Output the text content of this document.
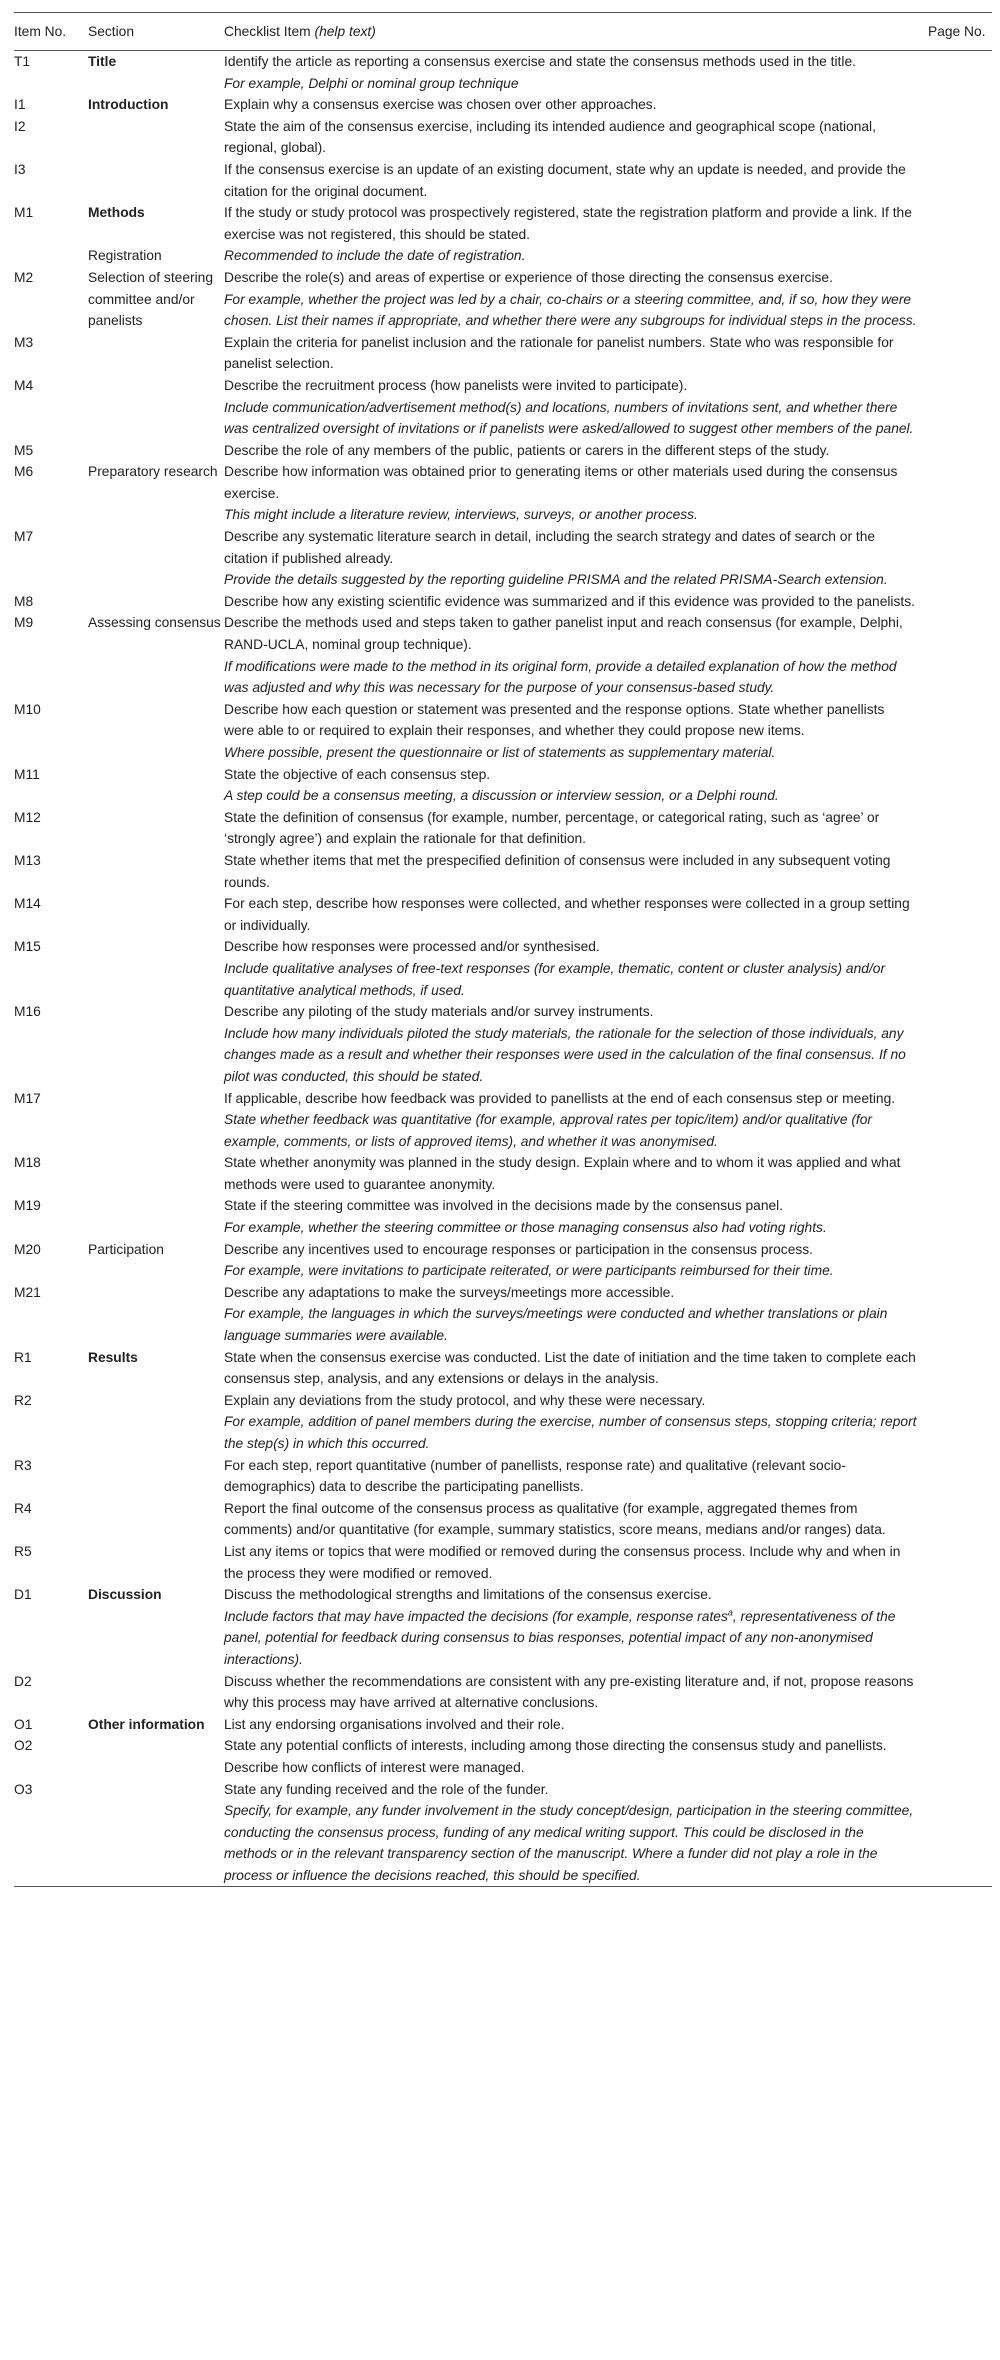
Item No.	Section	Checklist Item (help text)	Page No.

T1	Title	Identify the article as reporting a consensus exercise and state the consensus methods used in the title.
For example, Delphi or nominal group technique	

I1	Introduction	Explain why a consensus exercise was chosen over other approaches.	

I2		State the aim of the consensus exercise, including its intended audience and geographical scope (national, regional, global).	

I3		If the consensus exercise is an update of an existing document, state why an update is needed, and provide the citation for the original document.	

M1	Methods	If the study or study protocol was prospectively registered, state the registration platform and provide a link. If the exercise was not registered, this should be stated.	

	Registration	Recommended to include the date of registration.	

M2	Selection of steering committee and/or panelists	Describe the role(s) and areas of expertise or experience of those directing the consensus exercise.
For example, whether the project was led by a chair, co-chairs or a steering committee, and, if so, how they were chosen. List their names if appropriate, and whether there were any subgroups for individual steps in the process.	

M3		Explain the criteria for panelist inclusion and the rationale for panelist numbers. State who was responsible for panelist selection.	

M4		Describe the recruitment process (how panelists were invited to participate).
Include communication/advertisement method(s) and locations, numbers of invitations sent, and whether there was centralized oversight of invitations or if panelists were asked/allowed to suggest other members of the panel.	

M5		Describe the role of any members of the public, patients or carers in the different steps of the study.	

M6	Preparatory research	Describe how information was obtained prior to generating items or other materials used during the consensus exercise.
This might include a literature review, interviews, surveys, or another process.	

M7		Describe any systematic literature search in detail, including the search strategy and dates of search or the citation if published already.
Provide the details suggested by the reporting guideline PRISMA and the related PRISMA-Search extension.	

M8		Describe how any existing scientific evidence was summarized and if this evidence was provided to the panelists.	

M9	Assessing consensus	Describe the methods used and steps taken to gather panelist input and reach consensus (for example, Delphi, RAND-UCLA, nominal group technique).
If modifications were made to the method in its original form, provide a detailed explanation of how the method was adjusted and why this was necessary for the purpose of your consensus-based study.	

M10		Describe how each question or statement was presented and the response options. State whether panellists were able to or required to explain their responses, and whether they could propose new items.
Where possible, present the questionnaire or list of statements as supplementary material.	

M11		State the objective of each consensus step.
A step could be a consensus meeting, a discussion or interview session, or a Delphi round.	

M12		State the definition of consensus (for example, number, percentage, or categorical rating, such as ‘agree’ or ‘strongly agree’) and explain the rationale for that definition.	

M13		State whether items that met the prespecified definition of consensus were included in any subsequent voting rounds.	

M14		For each step, describe how responses were collected, and whether responses were collected in a group setting or individually.	

M15		Describe how responses were processed and/or synthesised.
Include qualitative analyses of free-text responses (for example, thematic, content or cluster analysis) and/or quantitative analytical methods, if used.	

M16		Describe any piloting of the study materials and/or survey instruments.
Include how many individuals piloted the study materials, the rationale for the selection of those individuals, any changes made as a result and whether their responses were used in the calculation of the final consensus. If no pilot was conducted, this should be stated.	

M17		If applicable, describe how feedback was provided to panellists at the end of each consensus step or meeting.
State whether feedback was quantitative (for example, approval rates per topic/item) and/or qualitative (for example, comments, or lists of approved items), and whether it was anonymised.	

M18		State whether anonymity was planned in the study design. Explain where and to whom it was applied and what methods were used to guarantee anonymity.	

M19		State if the steering committee was involved in the decisions made by the consensus panel.
For example, whether the steering committee or those managing consensus also had voting rights.	

M20	Participation	Describe any incentives used to encourage responses or participation in the consensus process.
For example, were invitations to participate reiterated, or were participants reimbursed for their time.	

M21		Describe any adaptations to make the surveys/meetings more accessible.
For example, the languages in which the surveys/meetings were conducted and whether translations or plain language summaries were available.	

R1	Results	State when the consensus exercise was conducted. List the date of initiation and the time taken to complete each consensus step, analysis, and any extensions or delays in the analysis.	

R2		Explain any deviations from the study protocol, and why these were necessary.
For example, addition of panel members during the exercise, number of consensus steps, stopping criteria; report the step(s) in which this occurred.	

R3		For each step, report quantitative (number of panellists, response rate) and qualitative (relevant socio-demographics) data to describe the participating panellists.	

R4		Report the final outcome of the consensus process as qualitative (for example, aggregated themes from comments) and/or quantitative (for example, summary statistics, score means, medians and/or ranges) data.	

R5		List any items or topics that were modified or removed during the consensus process. Include why and when in the process they were modified or removed.	

D1	Discussion	Discuss the methodological strengths and limitations of the consensus exercise.
Include factors that may have impacted the decisions (for example, response rates$^a$, representativeness of the panel, potential for feedback during consensus to bias responses, potential impact of any non-anonymised interactions).	

D2		Discuss whether the recommendations are consistent with any pre-existing literature and, if not, propose reasons why this process may have arrived at alternative conclusions.	

O1	Other information	List any endorsing organisations involved and their role.	

O2		State any potential conflicts of interests, including among those directing the consensus study and panellists. Describe how conflicts of interest were managed.	

O3		State any funding received and the role of the funder.
Specify, for example, any funder involvement in the study concept/design, participation in the steering committee, conducting the consensus process, funding of any medical writing support. This could be disclosed in the methods or in the relevant transparency section of the manuscript. Where a funder did not play a role in the process or influence the decisions reached, this should be specified.	
